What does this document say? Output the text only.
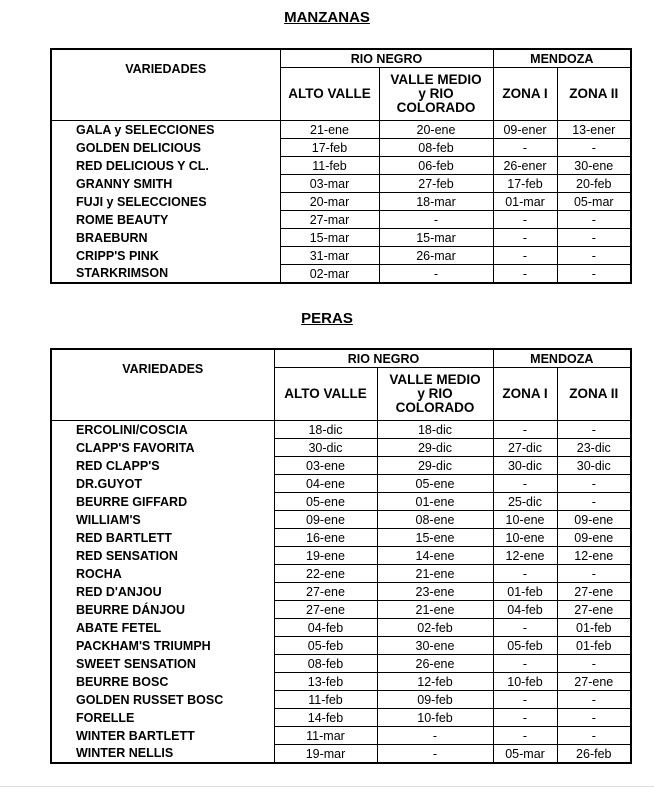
MANZANAS
VARIEDADES	RIO NEGRO		MENDOZA	
	ALTO VALLE	VALLE MEDIO
y RIO
COLORADO	ZONA I	ZONA II
GALA y SELECCIONES	21-ene	20-ene	09-ener	13-ener
GOLDEN DELICIOUS	17-feb	08-feb	-	-
RED DELICIOUS Y CL.	11-feb	06-feb	26-ener	30-ene
GRANNY SMITH	03-mar	27-feb	17-feb	20-feb
FUJI y SELECCIONES	20-mar	18-mar	01-mar	05-mar
ROME BEAUTY	27-mar	-	-	-
BRAEBURN	15-mar	15-mar	-	-
CRIPP'S PINK	31-mar	26-mar	-	-
STARKRIMSON	02-mar	-	-	-
PERAS
VARIEDADES	RIO NEGRO		MENDOZA	
	ALTO VALLE	VALLE MEDIO
y RIO
COLORADO	ZONA I	ZONA II
ERCOLINI/COSCIA	18-dic	18-dic	-	-
CLAPP'S FAVORITA	30-dic	29-dic	27-dic	23-dic
RED CLAPP'S	03-ene	29-dic	30-dic	30-dic
DR.GUYOT	04-ene	05-ene	-	-
BEURRE GIFFARD	05-ene	01-ene	25-dic	-
WILLIAM'S	09-ene	08-ene	10-ene	09-ene
RED BARTLETT	16-ene	15-ene	10-ene	09-ene
RED SENSATION	19-ene	14-ene	12-ene	12-ene
ROCHA	22-ene	21-ene	-	-
RED D'ANJOU	27-ene	23-ene	01-feb	27-ene
BEURRE DÁNJOU	27-ene	21-ene	04-feb	27-ene
ABATE FETEL	04-feb	02-feb	-	01-feb
PACKHAM'S TRIUMPH	05-feb	30-ene	05-feb	01-feb
SWEET SENSATION	08-feb	26-ene	-	-
BEURRE BOSC	13-feb	12-feb	10-feb	27-ene
GOLDEN RUSSET BOSC	11-feb	09-feb	-	-
FORELLE	14-feb	10-feb	-	-
WINTER BARTLETT	11-mar	-	-	-
WINTER NELLIS	19-mar	-	05-mar	26-feb
